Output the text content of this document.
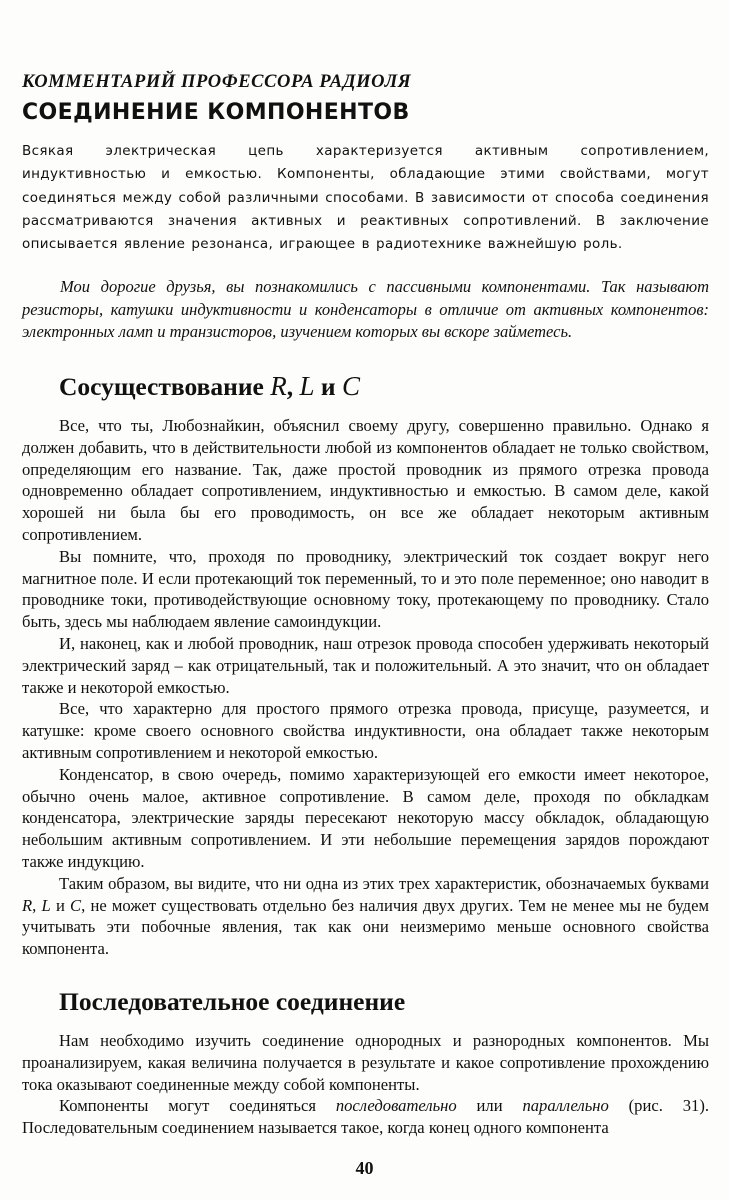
КОММЕНТАРИЙ ПРОФЕССОРА РАДИОЛЯ

СОЕДИНЕНИЕ КОМПОНЕНТОВ

Всякая электрическая цепь характеризуется активным сопротивлением, индуктивностью и емкостью. Компоненты, обладающие этими свойствами, могут соединяться между собой различными способами. В зависимости от способа соединения рассматриваются значения активных и реактивных сопротивлений. В заключение описывается явление резонанса, играющее в радиотехнике важнейшую роль.

Мои дорогие друзья, вы познакомились с пассивными компонентами. Так называют резисторы, катушки индуктивности и конденсаторы в отличие от активных компонентов: электронных ламп и транзисторов, изучением которых вы вскоре займетесь.

Сосуществование R, L и C

Все, что ты, Любознайкин, объяснил своему другу, совершенно правильно. Однако я должен добавить, что в действительности любой из компонентов обладает не только свойством, определяющим его название. Так, даже простой проводник из прямого отрезка провода одновременно обладает сопротивлением, индуктивностью и емкостью. В самом деле, какой хорошей ни была бы его проводимость, он все же обладает некоторым активным сопротивлением.

Вы помните, что, проходя по проводнику, электрический ток создает вокруг него магнитное поле. И если протекающий ток переменный, то и это поле переменное; оно наводит в проводнике токи, противодействующие основному току, протекающему по проводнику. Стало быть, здесь мы наблюдаем явление самоиндукции.

И, наконец, как и любой проводник, наш отрезок провода способен удерживать некоторый электрический заряд – как отрицательный, так и положительный. А это значит, что он обладает также и некоторой емкостью.

Все, что характерно для простого прямого отрезка провода, присуще, разумеется, и катушке: кроме своего основного свойства индуктивности, она обладает также некоторым активным сопротивлением и некоторой емкостью.

Конденсатор, в свою очередь, помимо характеризующей его емкости имеет некоторое, обычно очень малое, активное сопротивление. В самом деле, проходя по обкладкам конденсатора, электрические заряды пересекают некоторую массу обкладок, обладающую небольшим активным сопротивлением. И эти небольшие перемещения зарядов порождают также индукцию.

Таким образом, вы видите, что ни одна из этих трех характеристик, обозначаемых буквами R, L и C, не может существовать отдельно без наличия двух других. Тем не менее мы не будем учитывать эти побочные явления, так как они неизмеримо меньше основного свойства компонента.

Последовательное соединение

Нам необходимо изучить соединение однородных и разнородных компонентов. Мы проанализируем, какая величина получается в результате и какое сопротивление прохождению тока оказывают соединенные между собой компоненты.

Компоненты могут соединяться последовательно или параллельно (рис. 31). Последовательным соединением называется такое, когда конец одного компонента

40
